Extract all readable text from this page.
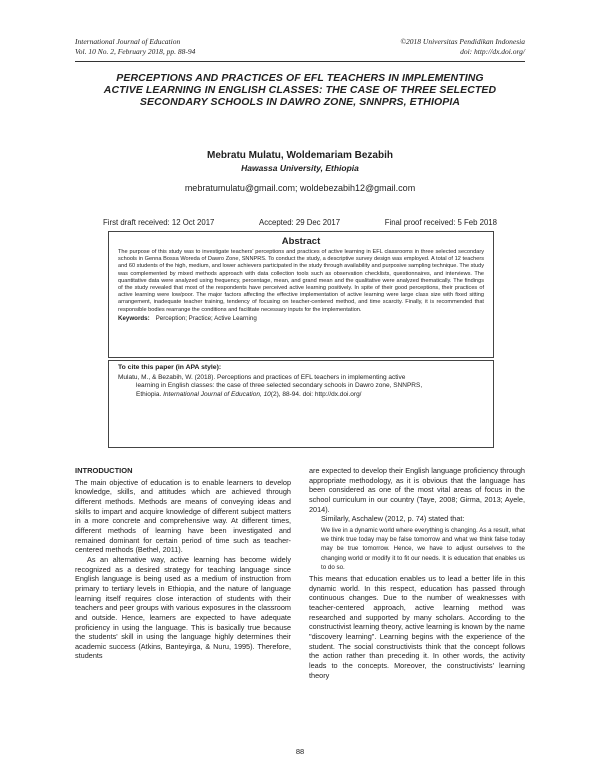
International Journal of Education
Vol. 10 No. 2, February 2018, pp. 88-94
©2018 Universitas Pendidikan Indonesia
doi: http://dx.doi.org/
PERCEPTIONS AND PRACTICES OF EFL TEACHERS IN IMPLEMENTING
ACTIVE LEARNING IN ENGLISH CLASSES: THE CASE OF THREE SELECTED
SECONDARY SCHOOLS IN DAWRO ZONE, SNNPRS, ETHIOPIA
Mebratu Mulatu, Woldemariam Bezabih
Hawassa University, Ethiopia
mebratumulatu@gmail.com; woldebezabih12@gmail.com
First draft received: 12 Oct 2017	Accepted: 29 Dec 2017	Final proof received: 5 Feb 2018
Abstract

The purpose of this study was to investigate teachers' perceptions and practices of active learning in EFL classrooms in three selected secondary schools in Genna Bossa Woreda of Dawro Zone, SNNPRS. To conduct the study, a descriptive survey design was employed. A total of 12 teachers and 60 students of the high, medium, and lower achievers participated in the study through availability and purposive sampling technique. The study was complemented by mixed methods approach with data collection tools such as observation checklists, questionnaires, and interviews. The quantitative data were analyzed using frequency, percentage, mean, and grand mean and the qualitative were analyzed thematically. The findings of the study revealed that most of the respondents have perceived active learning positively. In spite of their good perceptions, their practices of active learning were low/poor. The major factors affecting the effective implementation of active learning were large class size with fixed sitting arrangement, inadequate teacher training, tendency of focusing on teacher-centered method, and time scarcity. Finally, it is recommended that responsible bodies rearrange the conditions and facilitate necessary inputs for the implementation.

Keywords: Perception; Practice; Active Learning
To cite this paper (in APA style):
Mulatu, M., & Bezabih, W. (2018). Perceptions and practices of EFL teachers in implementing active
learning in English classes: the case of three selected secondary schools in Dawro zone, SNNPRS,
Ethiopia. International Journal of Education, 10(2), 88-94. doi: http://dx.doi.org/
INTRODUCTION

The main objective of education is to enable learners to develop knowledge, skills, and attitudes which are achieved through different methods. Methods are means of conveying ideas and skills to impart and acquire knowledge of different subject matters in a more concrete and comprehensive way. At different times, different methods of learning have been investigated and remained dominant for certain period of time such as teacher-centered methods (Bethel, 2011).

As an alternative way, active learning has become widely recognized as a desired strategy for teaching language since English language is being used as a medium of instruction from primary to tertiary levels in Ethiopia, and the nature of language learning itself requires close interaction of students with their teachers and peer groups with various exposures in the classroom and outside. Hence, learners are expected to have adequate proficiency in using the language. This is basically true because the students' skill in using the language highly determines their academic success (Atkins, Banteyirga, & Nuru, 1995). Therefore, students

are expected to develop their English language proficiency through appropriate methodology, as it is obvious that the language has been considered as one of the most vital areas of focus in the school curriculum in our country (Taye, 2008; Girma, 2013; Ayele, 2014).

Similarly, Aschalew (2012, p. 74) stated that:

We live in a dynamic world where everything is changing. As a result, what we think true today may be false tomorrow and what we think false today may be true tomorrow. Hence, we have to adjust ourselves to the changing world or modify it to fit our needs. It is education that enables us to do so.

This means that education enables us to lead a better life in this dynamic world. In this respect, education has passed through continuous changes. Due to the number of weaknesses with teacher-centered approach, active learning method was researched and supported by many scholars. According to the constructivist learning theory, active learning is known by the name "discovery learning". Learning begins with the experience of the student. The social constructivists think that the concept follows the action rather than preceding it. In other words, the activity leads to the concepts. Moreover, the constructivists' learning theory

88
